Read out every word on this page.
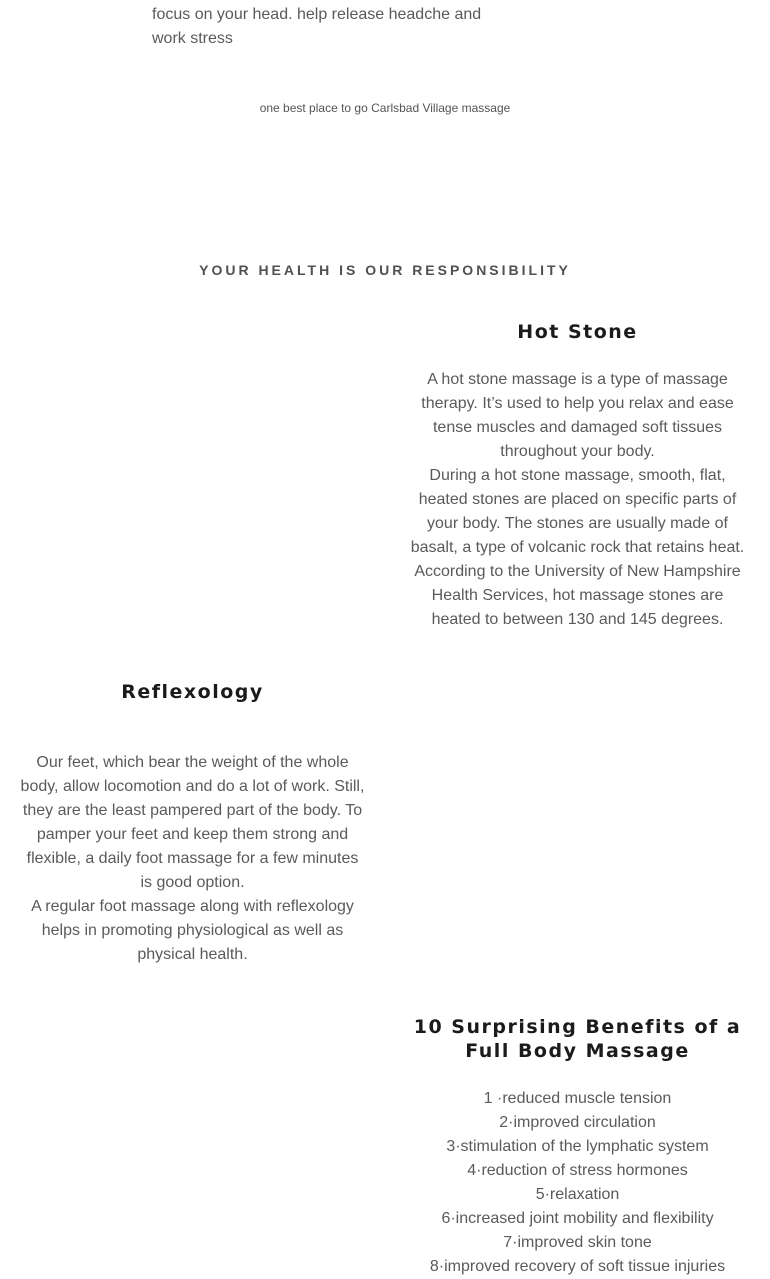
focus on your head. help release headche and
work stress
one best place to go Carlsbad Village massage
YOUR HEALTH IS OUR RESPONSIBILITY
Hot Stone

A hot stone massage is a type of massage therapy. It’s used to help you relax and ease tense muscles and damaged soft tissues throughout your body.

During a hot stone massage, smooth, flat, heated stones are placed on specific parts of your body. The stones are usually made of basalt, a type of volcanic rock that retains heat. According to the University of New Hampshire Health Services, hot massage stones are heated to between 130 and 145 degrees.

Reflexology

Our feet, which bear the weight of the whole body, allow locomotion and do a lot of work. Still, they are the least pampered part of the body. To pamper your feet and keep them strong and flexible, a daily foot massage for a few minutes is good option.

A regular foot massage along with reflexology helps in promoting physiological as well as physical health.

10 Surprising Benefits of a Full Body Massage
1 ·reduced muscle tension
2·improved circulation
3·stimulation of the lymphatic system
4·reduction of stress hormones
5·relaxation
6·increased joint mobility and flexibility
7·improved skin tone
8·improved recovery of soft tissue injuries
